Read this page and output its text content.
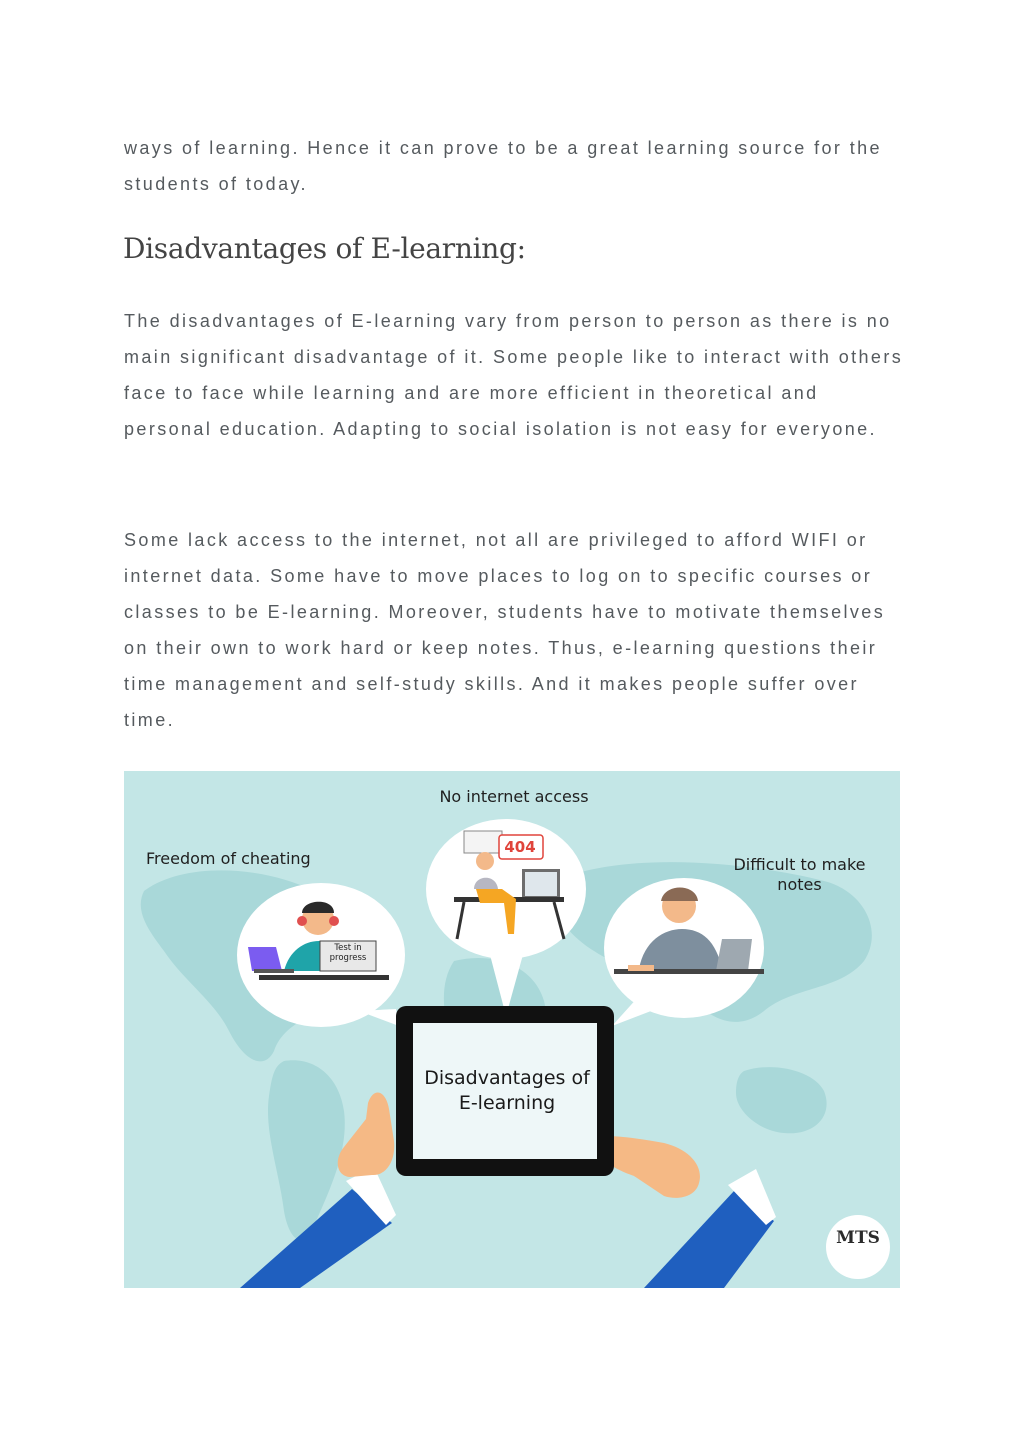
ways of learning. Hence it can prove to be a great learning source for the students of today.

Disadvantages of E-learning:

The disadvantages of E-learning vary from person to person as there is no main significant disadvantage of it. Some people like to interact with others face to face while learning and are more efficient in theoretical and personal education. Adapting to social isolation is not easy for everyone.

Some lack access to the internet, not all are privileged to afford WIFI or internet data. Some have to move places to log on to specific courses or classes to be E-learning. Moreover, students have to motivate themselves on their own to work hard or keep notes. Thus, e-learning questions their time management and self-study skills. And it makes people suffer over time.

No internet access
Freedom of cheating	Difficult to make notes
Disadvantages of E-learning
Test in progress
404
MTS
